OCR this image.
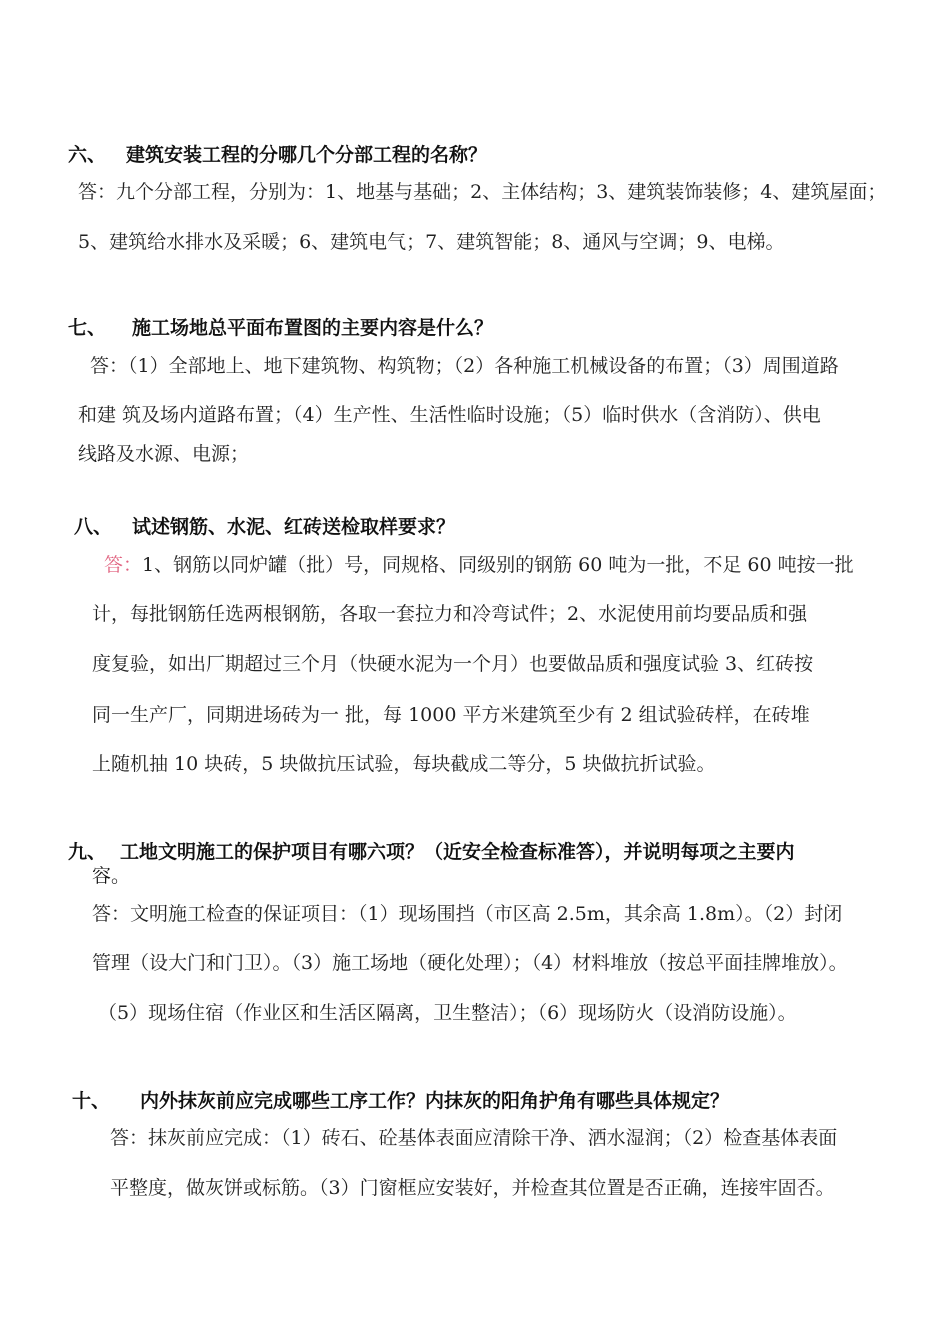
六、 建筑安装工程的分哪几个分部工程的名称？
答：九个分部工程，分别为：1、地基与基础；2、主体结构；3、建筑装饰装修；4、建筑屋面；
5、建筑给水排水及采暖；6、建筑电气；7、建筑智能；8、通风与空调；9、电梯。
七、 施工场地总平面布置图的主要内容是什么？
答：（1）全部地上、地下建筑物、构筑物；（2）各种施工机械设备的布置；（3）周围道路
和建 筑及场内道路布置；（4）生产性、生活性临时设施；（5）临时供水（含消防）、供电
线路及水源、电源；
八、 试述钢筋、水泥、红砖送检取样要求？
答：1、钢筋以同炉罐（批）号，同规格、同级别的钢筋 60 吨为一批，不足 60 吨按一批
计，每批钢筋任选两根钢筋，各取一套拉力和冷弯试件；2、水泥使用前均要品质和强
度复验，如出厂期超过三个月（快硬水泥为一个月）也要做品质和强度试验 3、红砖按
同一生产厂，同期进场砖为一 批，每 1000 平方米建筑至少有 2 组试验砖样，在砖堆
上随机抽 10 块砖，5 块做抗压试验，每块截成二等分，5 块做抗折试验。
九、 工地文明施工的保护项目有哪六项？（近安全检查标准答），并说明每项之主要内
容。
答：文明施工检查的保证项目：（1）现场围挡（市区高 2.5m，其余高 1.8m）。（2）封闭
管理（设大门和门卫）。（3）施工场地（硬化处理）；（4）材料堆放（按总平面挂牌堆放）。
（5）现场住宿（作业区和生活区隔离，卫生整洁）；（6）现场防火（设消防设施）。
十、 内外抹灰前应完成哪些工序工作？内抹灰的阳角护角有哪些具体规定？
答：抹灰前应完成：（1）砖石、砼基体表面应清除干净、洒水湿润；（2）检查基体表面
平整度，做灰饼或标筋。（3）门窗框应安装好，并检查其位置是否正确，连接牢固否。
